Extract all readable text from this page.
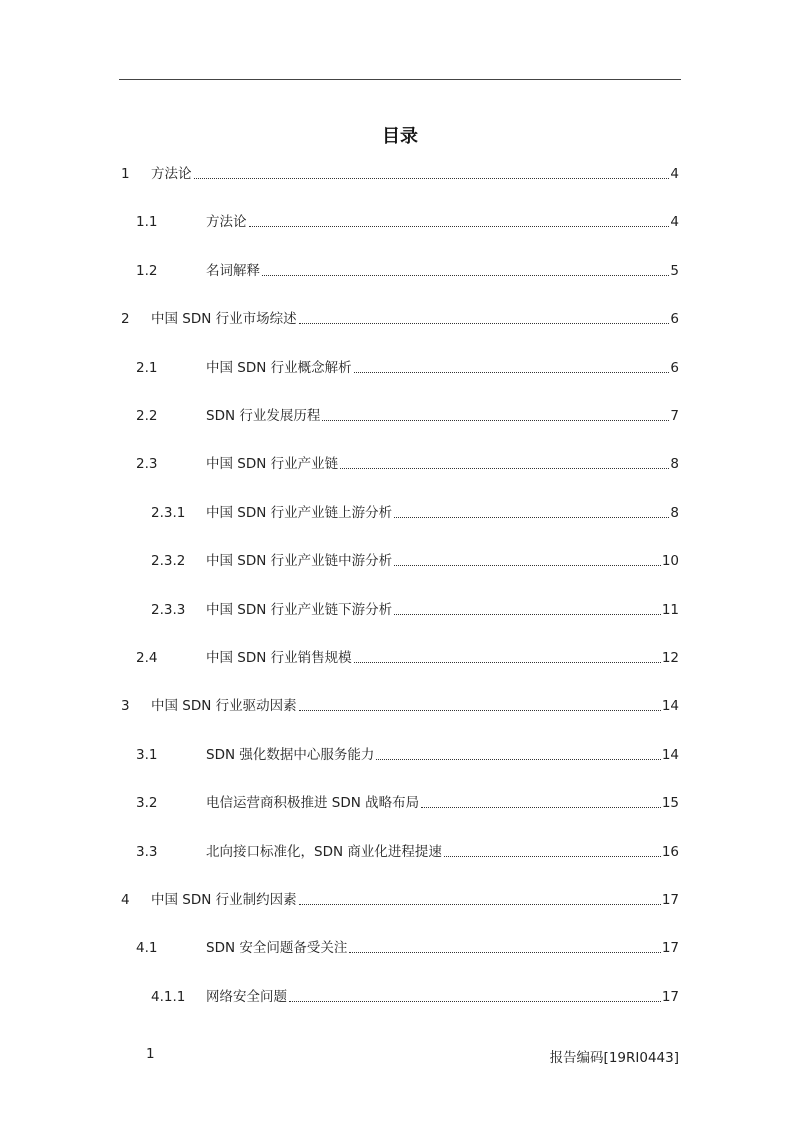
目录
1 方法论	4
1.1	方法论	4
1.2	名词解释	5
2 中国 SDN 行业市场综述	6
2.1	中国 SDN 行业概念解析	6
2.2	SDN 行业发展历程	7
2.3	中国 SDN 行业产业链	8
2.3.1 中国 SDN 行业产业链上游分析	8
2.3.2 中国 SDN 行业产业链中游分析	10
2.3.3 中国 SDN 行业产业链下游分析	11
2.4	中国 SDN 行业销售规模	12
3 中国 SDN 行业驱动因素	14
3.1	SDN 强化数据中心服务能力	14
3.2	电信运营商积极推进 SDN 战略布局	15
3.3	北向接口标准化，SDN 商业化进程提速	16
4 中国 SDN 行业制约因素	17
4.1	SDN 安全问题备受关注	17
4.1.1 网络安全问题	17
1	报告编码[19RI0443]
